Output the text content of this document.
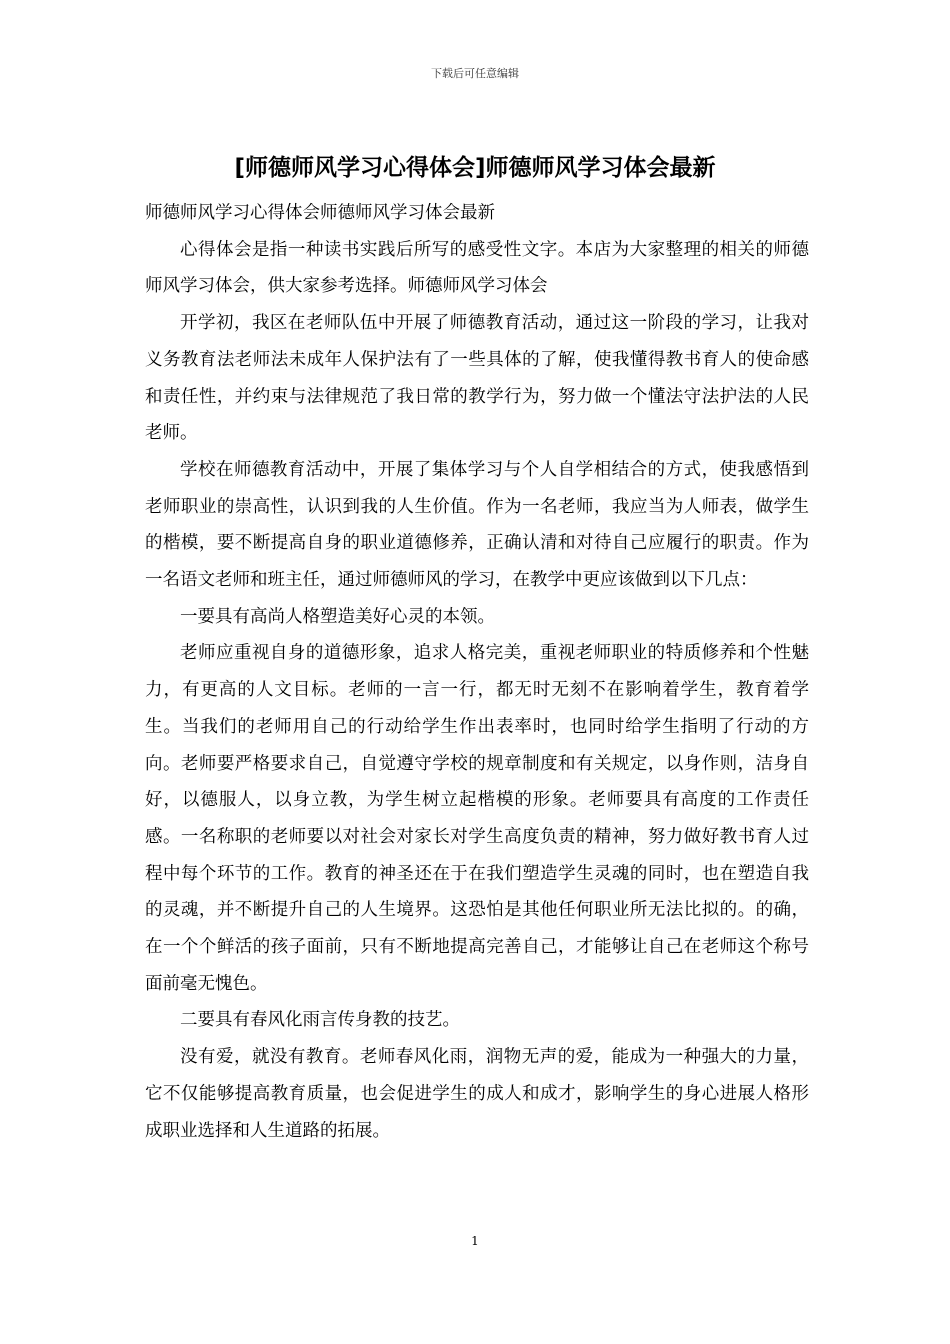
下载后可任意编辑
[师德师风学习心得体会]师德师风学习体会最新

师德师风学习心得体会师德师风学习体会最新

心得体会是指一种读书实践后所写的感受性文字。本店为大家整理的相关的师德师风学习体会，供大家参考选择。师德师风学习体会

开学初，我区在老师队伍中开展了师德教育活动，通过这一阶段的学习，让我对义务教育法老师法未成年人保护法有了一些具体的了解，使我懂得教书育人的使命感和责任性，并约束与法律规范了我日常的教学行为，努力做一个懂法守法护法的人民老师。

学校在师德教育活动中，开展了集体学习与个人自学相结合的方式，使我感悟到老师职业的崇高性，认识到我的人生价值。作为一名老师，我应当为人师表，做学生的楷模，要不断提高自身的职业道德修养，正确认清和对待自己应履行的职责。作为一名语文老师和班主任，通过师德师风的学习，在教学中更应该做到以下几点：

一要具有高尚人格塑造美好心灵的本领。

老师应重视自身的道德形象，追求人格完美，重视老师职业的特质修养和个性魅力，有更高的人文目标。老师的一言一行，都无时无刻不在影响着学生，教育着学生。当我们的老师用自己的行动给学生作出表率时，也同时给学生指明了行动的方向。老师要严格要求自己，自觉遵守学校的规章制度和有关规定，以身作则，洁身自好，以德服人，以身立教，为学生树立起楷模的形象。老师要具有高度的工作责任感。一名称职的老师要以对社会对家长对学生高度负责的精神，努力做好教书育人过程中每个环节的工作。教育的神圣还在于在我们塑造学生灵魂的同时，也在塑造自我的灵魂，并不断提升自己的人生境界。这恐怕是其他任何职业所无法比拟的。的确，在一个个鲜活的孩子面前，只有不断地提高完善自己，才能够让自己在老师这个称号面前毫无愧色。

二要具有春风化雨言传身教的技艺。

没有爱，就没有教育。老师春风化雨，润物无声的爱，能成为一种强大的力量，它不仅能够提高教育质量，也会促进学生的成人和成才，影响学生的身心进展人格形成职业选择和人生道路的拓展。

1
